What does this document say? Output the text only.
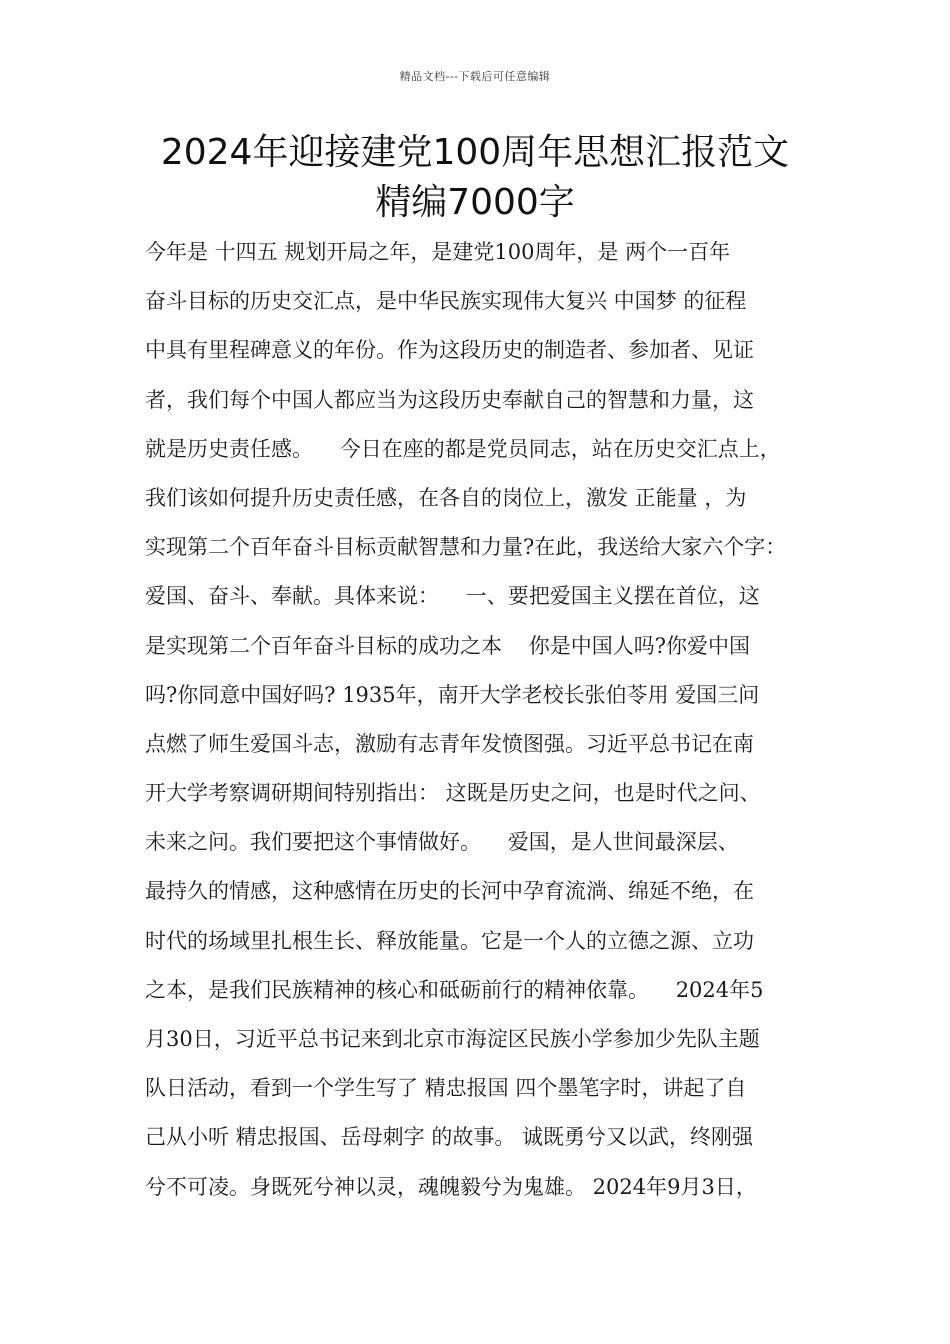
精品文档---下载后可任意编辑
2024年迎接建党100周年思想汇报范文
精编7000字
今年是 十四五 规划开局之年，是建党100周年，是 两个一百年
奋斗目标的历史交汇点，是中华民族实现伟大复兴 中国梦 的征程
中具有里程碑意义的年份。作为这段历史的制造者、参加者、见证
者，我们每个中国人都应当为这段历史奉献自己的智慧和力量，这
就是历史责任感。    今日在座的都是党员同志，站在历史交汇点上，
我们该如何提升历史责任感，在各自的岗位上，激发 正能量 ，为
实现第二个百年奋斗目标贡献智慧和力量?在此，我送给大家六个字：
爱国、奋斗、奉献。具体来说：    一、要把爱国主义摆在首位，这
是实现第二个百年奋斗目标的成功之本    你是中国人吗?你爱中国
吗?你同意中国好吗? 1935年，南开大学老校长张伯苓用 爱国三问
点燃了师生爱国斗志，激励有志青年发愤图强。习近平总书记在南
开大学考察调研期间特别指出： 这既是历史之问，也是时代之问、
未来之问。我们要把这个事情做好。    爱国，是人世间最深层、
最持久的情感，这种感情在历史的长河中孕育流淌、绵延不绝，在
时代的场域里扎根生长、释放能量。它是一个人的立德之源、立功
之本，是我们民族精神的核心和砥砺前行的精神依靠。    2024年5
月30日，习近平总书记来到北京市海淀区民族小学参加少先队主题
队日活动，看到一个学生写了 精忠报国 四个墨笔字时，讲起了自
己从小听 精忠报国、岳母刺字 的故事。 诚既勇兮又以武，终刚强
兮不可凌。身既死兮神以灵，魂魄毅兮为鬼雄。 2024年9月3日，
